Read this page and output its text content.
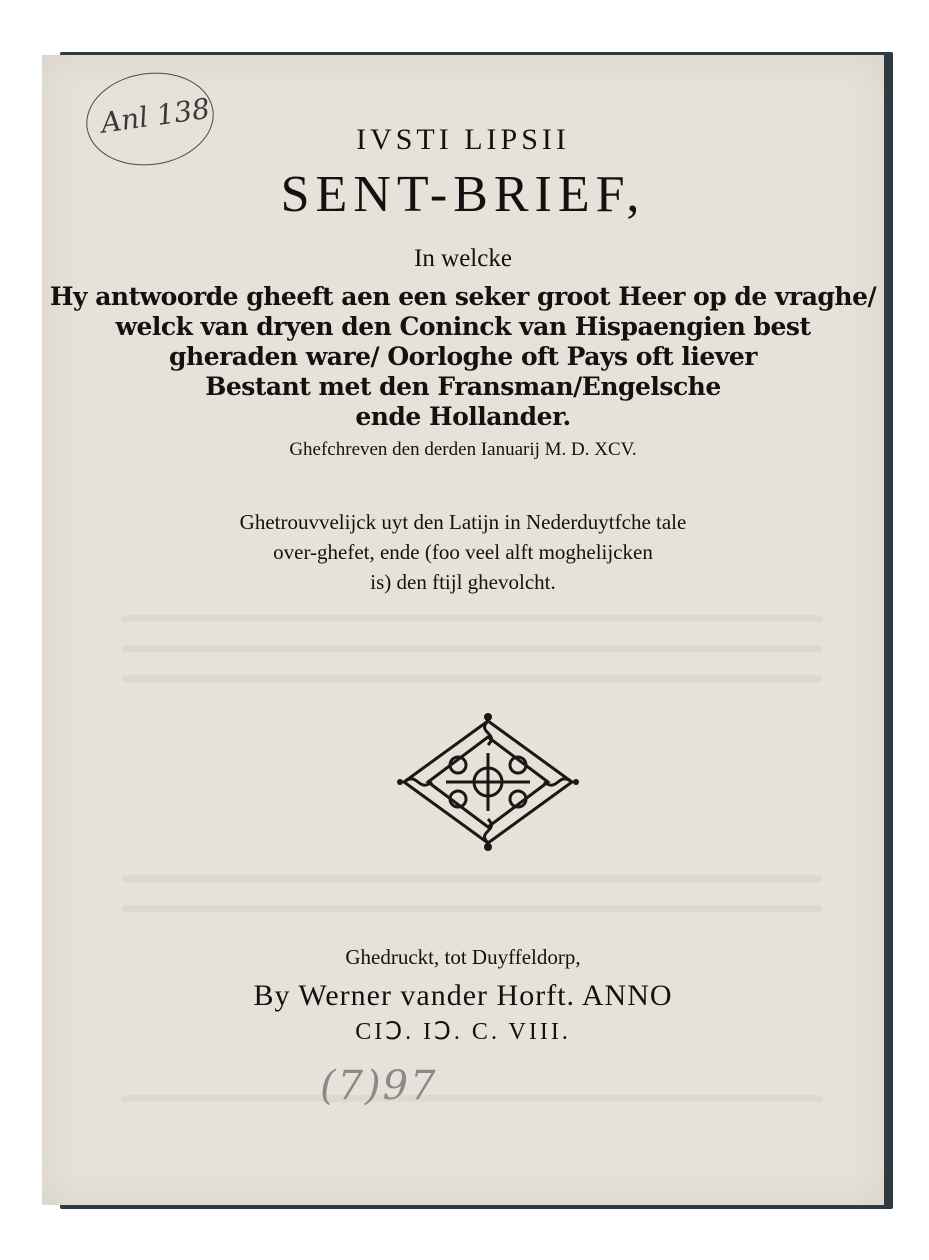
Anl 138	IVSTI LIPSII
SENT-BRIEF,
In welcke
Hy antwoorde gheeft aen een seker groot Heer op de vraghe/
welck van dryen den Coninck van Hispaengien best
gheraden ware/ Oorloghe oft Pays oft liever
Bestant met den Fransman/Engelsche
ende Hollander.
Ghefchreven den derden Ianuarij M. D. XCV.
Ghetrouvvelijck uyt den Latijn in Nederduytfche tale
over-ghefet, ende (foo veel alft moghelijcken
is) den ftijl ghevolcht.
Ghedruckt, tot Duyffeldorp,
By Werner vander Horft. ANNO
CIↃ. IↃ. C. VIII.
(7)97
